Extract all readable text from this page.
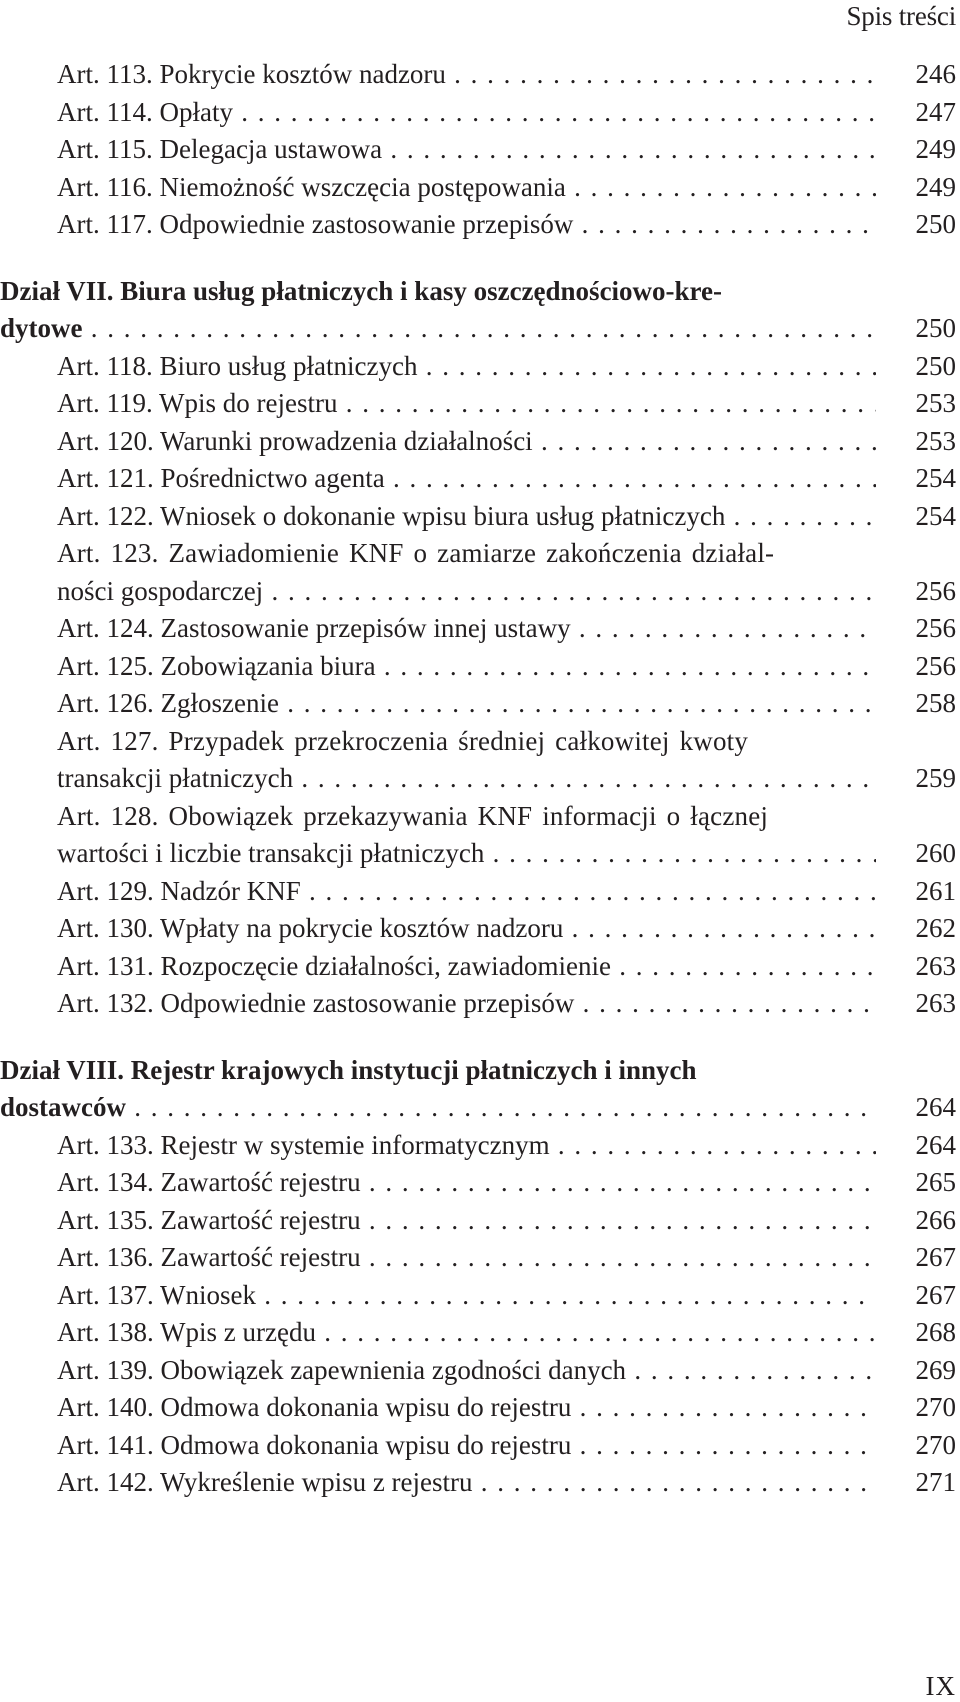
Spis treści
Art. 113. Pokrycie kosztów nadzoru . . .	246
Art. 114. Opłaty . . .	247
Art. 115. Delegacja ustawowa . . .	249
Art. 116. Niemożność wszczęcia postępowania . . .	249
Art. 117. Odpowiednie zastosowanie przepisów . . .	250
Dział VII. Biura usług płatniczych i kasy oszczędnościowo-kre-
dytowe . . .	250
Art. 118. Biuro usług płatniczych . . .	250
Art. 119. Wpis do rejestru . . .	253
Art. 120. Warunki prowadzenia działalności . . .	253
Art. 121. Pośrednictwo agenta . . .	254
Art. 122. Wniosek o dokonanie wpisu biura usług płatniczych . . .	254
Art. 123. Zawiadomienie KNF o zamiarze zakończenia działal-
ności gospodarczej . . .	256
Art. 124. Zastosowanie przepisów innej ustawy . . .	256
Art. 125. Zobowiązania biura . . .	256
Art. 126. Zgłoszenie . . .	258
Art. 127. Przypadek przekroczenia średniej całkowitej kwoty
transakcji płatniczych . . .	259
Art. 128. Obowiązek przekazywania KNF informacji o łącznej
wartości i liczbie transakcji płatniczych . . .	260
Art. 129. Nadzór KNF . . .	261
Art. 130. Wpłaty na pokrycie kosztów nadzoru . . .	262
Art. 131. Rozpoczęcie działalności, zawiadomienie . . .	263
Art. 132. Odpowiednie zastosowanie przepisów . . .	263
Dział VIII. Rejestr krajowych instytucji płatniczych i innych
dostawców . . .	264
Art. 133. Rejestr w systemie informatycznym . . .	264
Art. 134. Zawartość rejestru . . .	265
Art. 135. Zawartość rejestru . . .	266
Art. 136. Zawartość rejestru . . .	267
Art. 137. Wniosek . . .	267
Art. 138. Wpis z urzędu . . .	268
Art. 139. Obowiązek zapewnienia zgodności danych . . .	269
Art. 140. Odmowa dokonania wpisu do rejestru . . .	270
Art. 141. Odmowa dokonania wpisu do rejestru . . .	270
Art. 142. Wykreślenie wpisu z rejestru . . .	271
IX
